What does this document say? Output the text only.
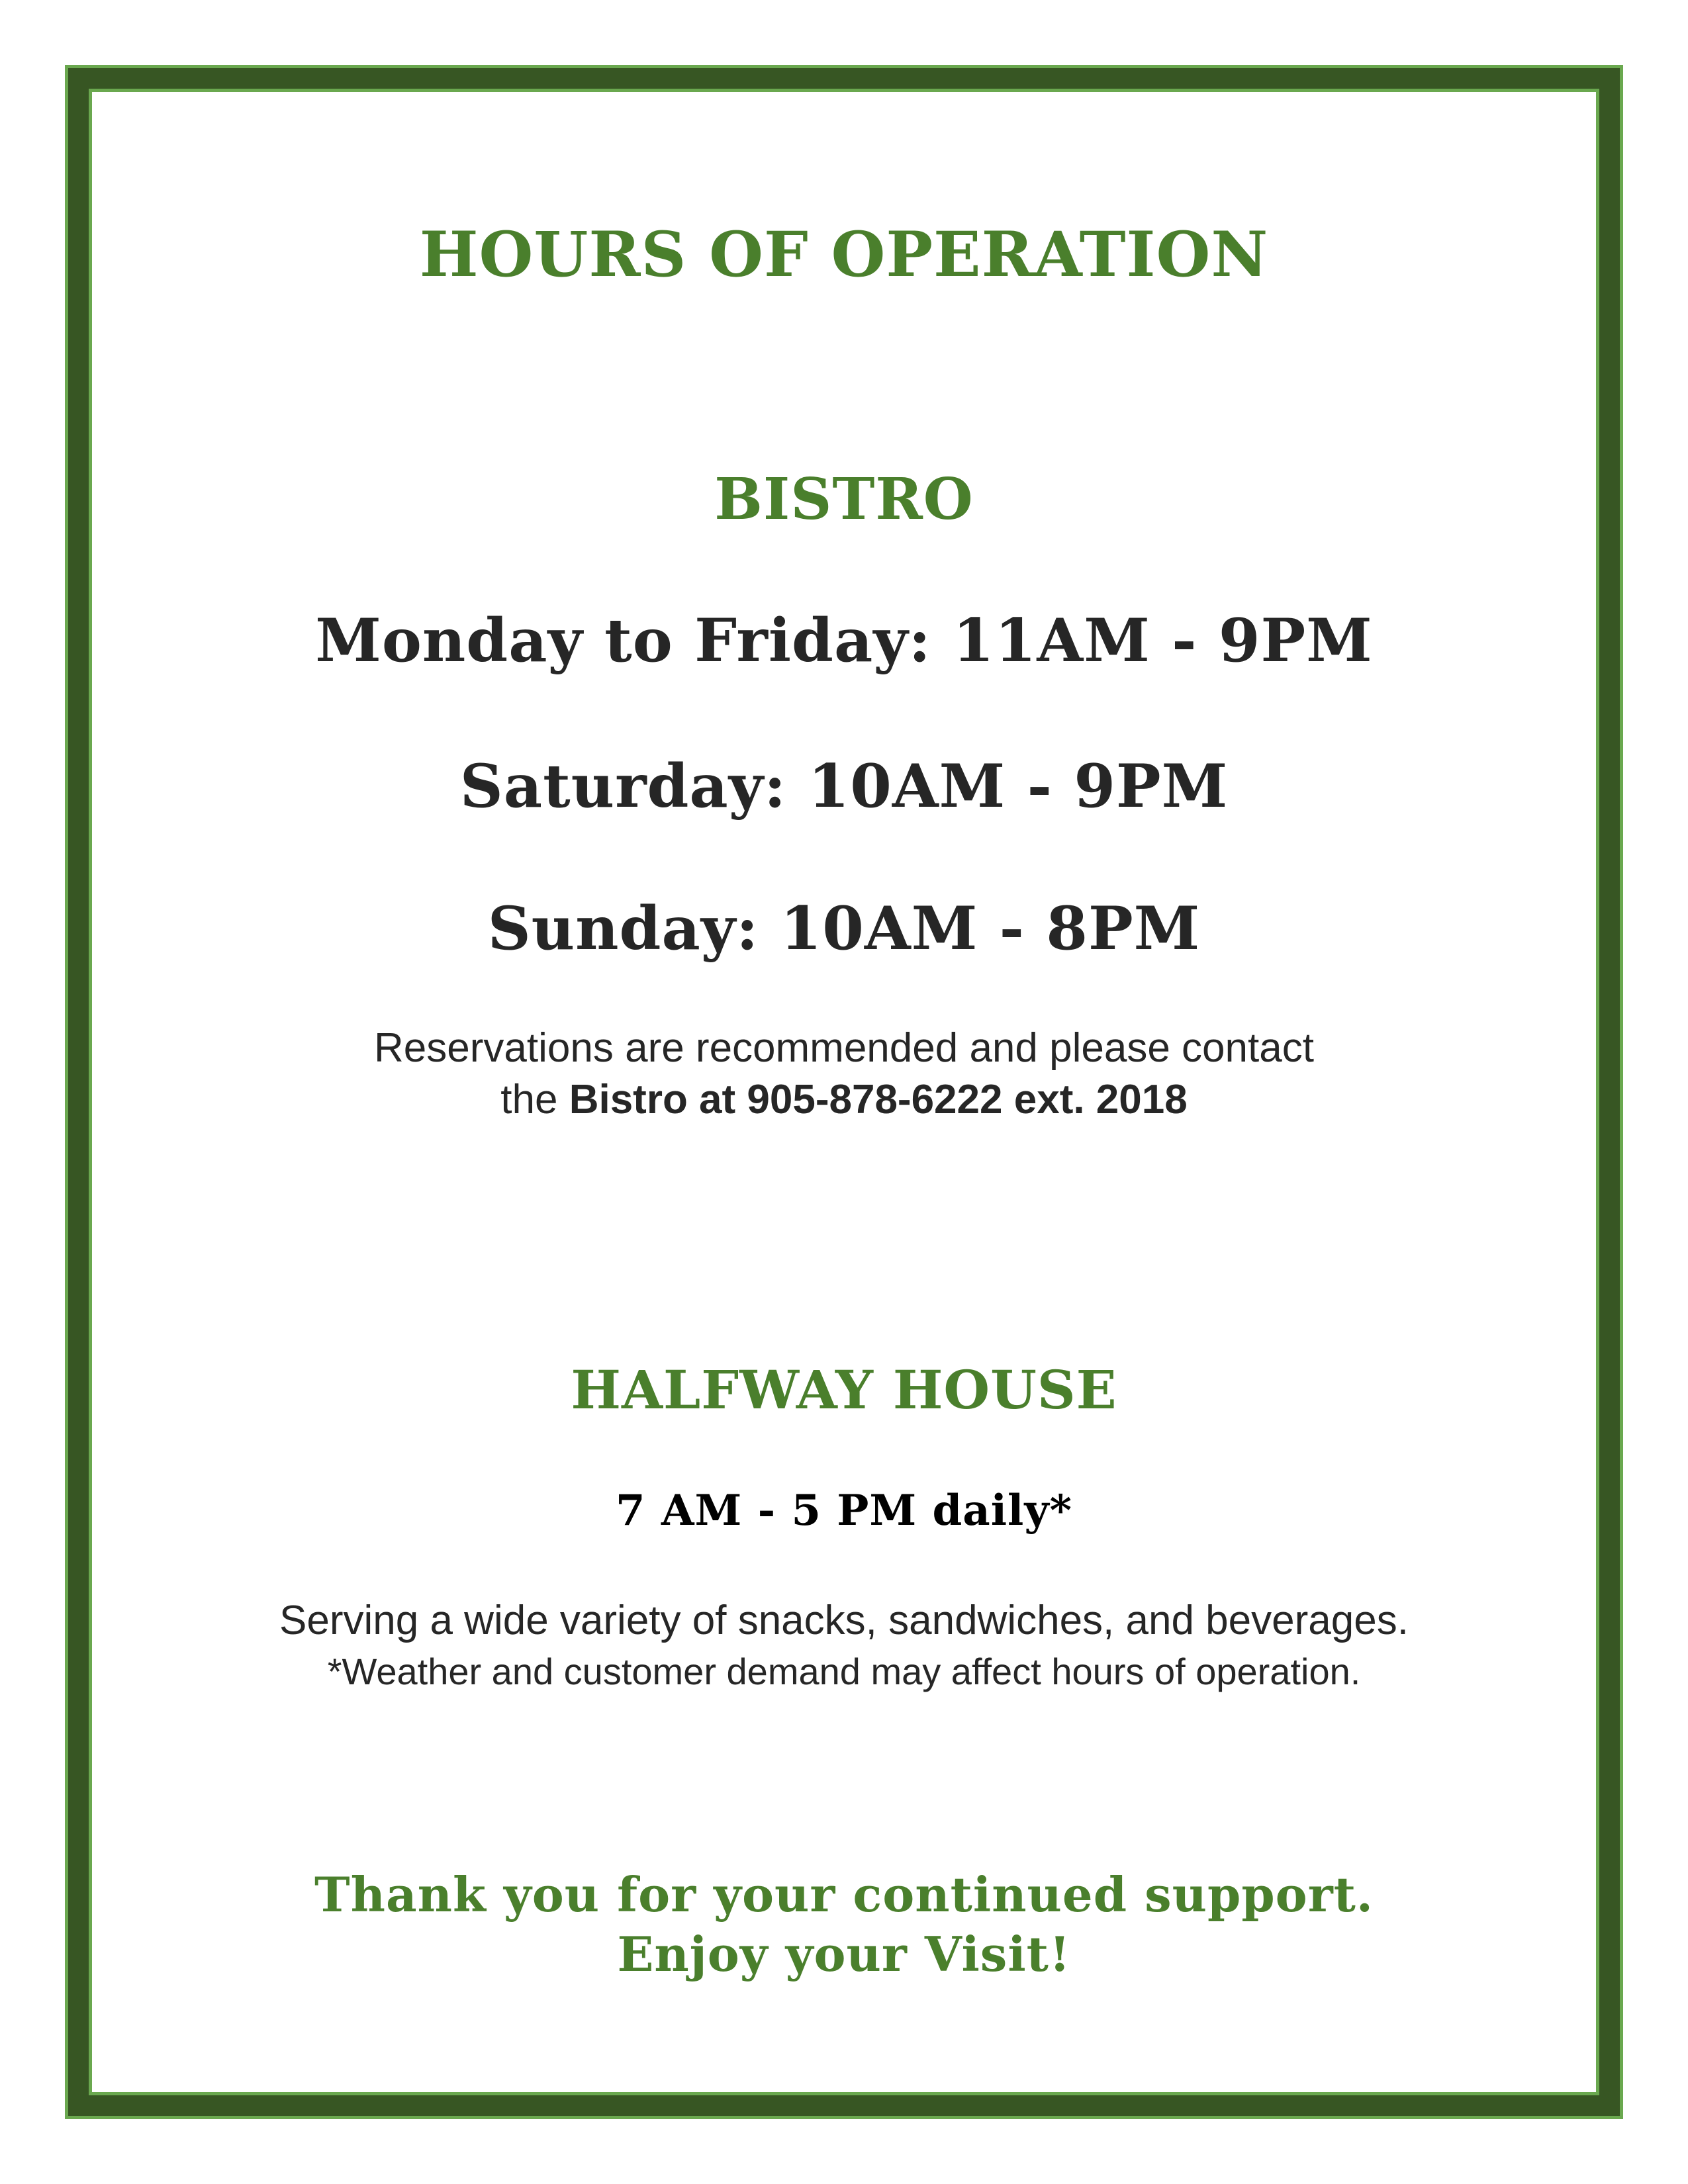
HOURS OF OPERATION
BISTRO

Monday to Friday: 11AM - 9PM

Saturday: 10AM - 9PM

Sunday: 10AM - 8PM

Reservations are recommended and please contact

the Bistro at 905-878-6222 ext. 2018

HALFWAY HOUSE

7 AM - 5 PM daily*

Serving a wide variety of snacks, sandwiches, and beverages.

*Weather and customer demand may affect hours of operation.

Thank you for your continued support.

Enjoy your Visit!
